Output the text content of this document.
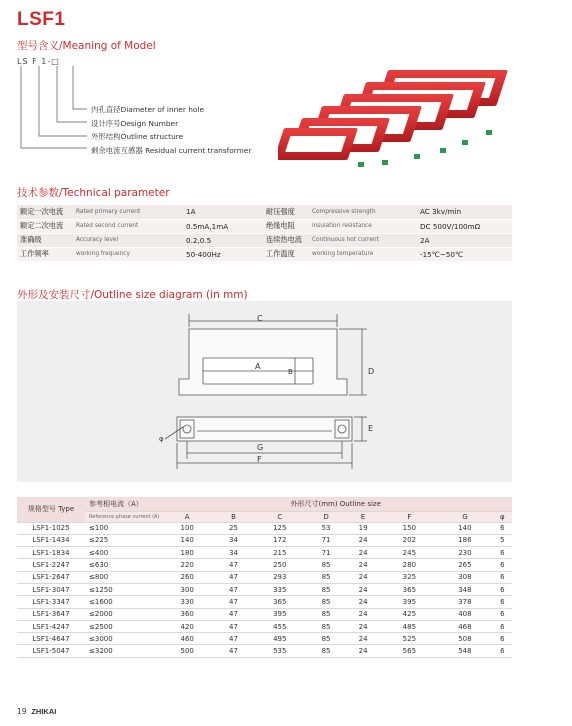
LSF1
型号含义/Meaning of Model
LS F 1-□
内孔直径Diameter of inner hole
设计序号Design Number
外形结构Outline structure
剩余电流互感器 Residual current transformer
技术参数/Technical parameter
额定一次电流	Rated primary current	1A	耐压强度	Compressive strength	AC 3kv/min
额定二次电流	Rated second current	0.5mA,1mA	绝缘电阻	insulation resistance	DC 500V/100mΩ
准确级	Accuracy level	0.2,0.5	连续热电流	Continuous hot current	2A
工作频率	working frequency	50-400Hz	工作温度	working temperature	-15℃~50℃
外形及安装尺寸/Outline size diagram (in mm)
C
A
B	D
E
G
F
φ
规格型号 Type	参考相电流（A）	外形尺寸(mm) Outline size							

	Reference phase current (A)	A	B	C	D	E	F	G	φ
LSF1-1025	≤100	100	25	125	53	19	150	140	6
LSF1-1434	≤225	140	34	172	71	24	202	186	5
LSF1-1834	≤400	180	34	215	71	24	245	230	6
LSF1-2247	≤630	220	47	250	85	24	280	265	6
LSF1-2647	≤800	260	47	293	85	24	325	308	6
LSF1-3047	≤1250	300	47	335	85	24	365	348	6
LSF1-3347	≤1600	330	47	365	85	24	395	378	6
LSF1-3647	≤2000	360	47	395	85	24	425	408	6
LSF1-4247	≤2500	420	47	455	85	24	485	468	6
LSF1-4647	≤3000	460	47	495	85	24	525	508	6
LSF1-5047	≤3200	500	47	535	85	24	565	548	6
19 ZHIKAI
